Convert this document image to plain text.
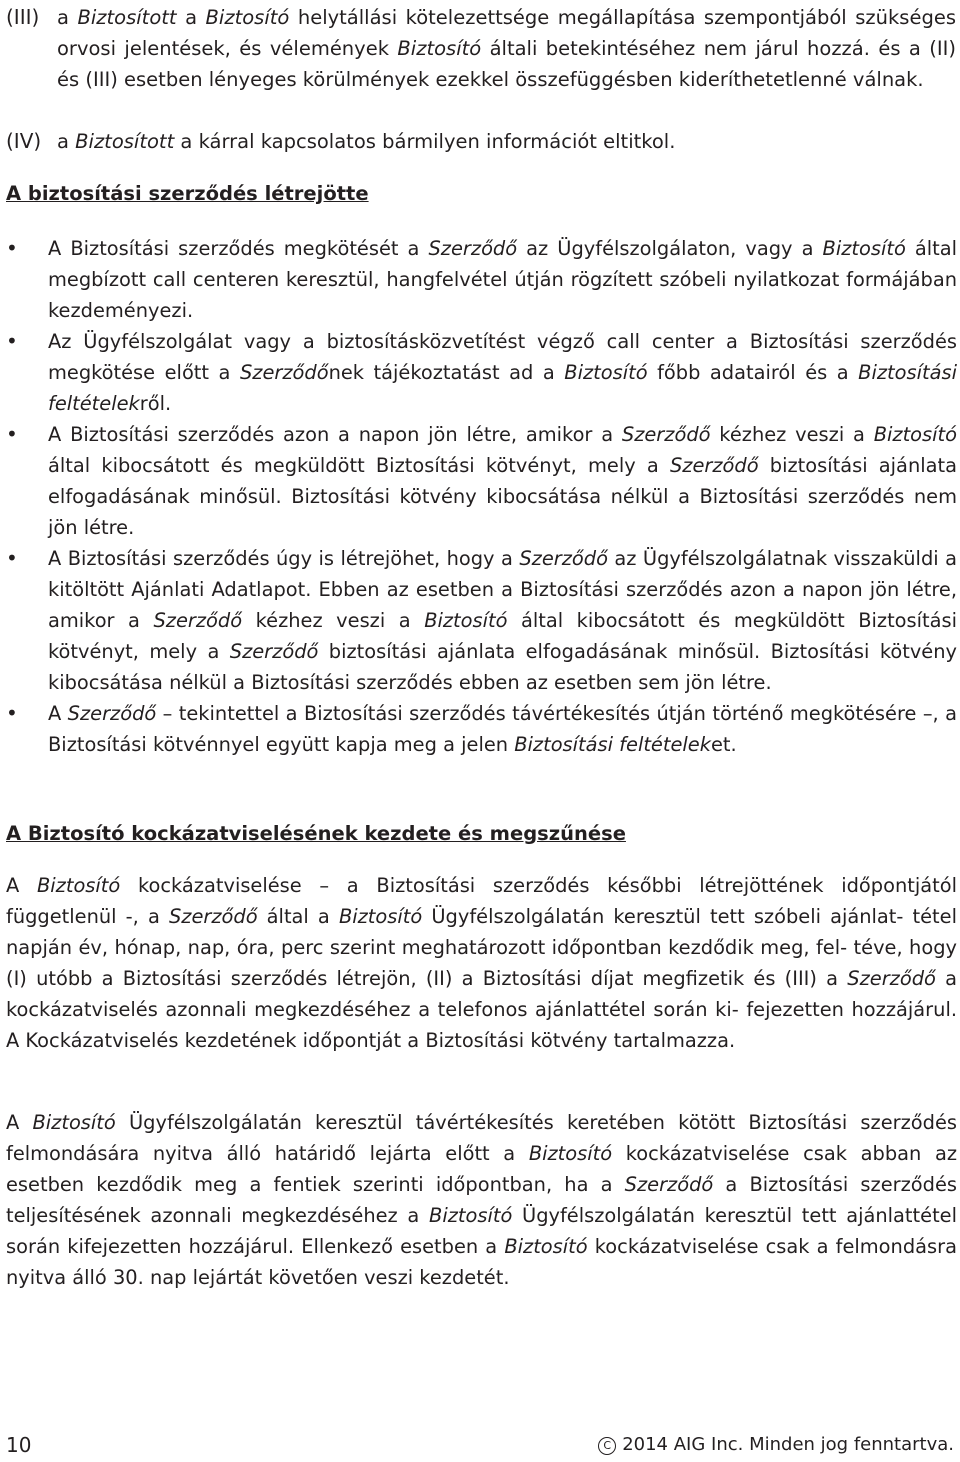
(III) a Biztosított a Biztosító helytállási kötelezettsége megállapítása szempontjából szükséges orvosi jelentések, és vélemények Biztosító általi betekintéséhez nem járul hozzá. és a (II) és (III) esetben lényeges körülmények ezekkel összefüggésben kideríthetetlenné válnak.
(IV) a Biztosított a kárral kapcsolatos bármilyen információt eltitkol.
A biztosítási szerződés létrejötte
• A Biztosítási szerződés megkötését a Szerződő az Ügyfélszolgálaton, vagy a Biztosító által megbízott call centeren keresztül, hangfelvétel útján rögzített szóbeli nyilatkozat formájában kezdeményezi.
• Az Ügyfélszolgálat vagy a biztosításközvetítést végző call center a Biztosítási szerződés megkötése előtt a Szerződőnek tájékoztatást ad a Biztosító főbb adatairól és a Biztosítási feltételekről.
• A Biztosítási szerződés azon a napon jön létre, amikor a Szerződő kézhez veszi a Biztosító által kibocsátott és megküldött Biztosítási kötvényt, mely a Szerződő biztosítási ajánlata elfogadásának minősül. Biztosítási kötvény kibocsátása nélkül a Biztosítási szerződés nem jön létre.
• A Biztosítási szerződés úgy is létrejöhet, hogy a Szerződő az Ügyfélszolgálatnak visszaküldi a kitöltött Ajánlati Adatlapot. Ebben az esetben a Biztosítási szerződés azon a napon jön létre, amikor a Szerződő kézhez veszi a Biztosító által kibocsátott és megküldött Biztosítási kötvényt, mely a Szerződő biztosítási ajánlata elfogadásának minősül. Biztosítási kötvény kibocsátása nélkül a Biztosítási szerződés ebben az esetben sem jön létre.
• A Szerződő – tekintettel a Biztosítási szerződés távértékesítés útján történő megkötésére –, a Biztosítási kötvénnyel együtt kapja meg a jelen Biztosítási feltételeket.
A Biztosító kockázatviselésének kezdete és megszűnése
A Biztosító kockázatviselése – a Biztosítási szerződés későbbi létrejöttének időpontjától függetlenül -, a Szerződő által a Biztosító Ügyfélszolgálatán keresztül tett szóbeli ajánlat- tétel napján év, hónap, nap, óra, perc szerint meghatározott időpontban kezdődik meg, fel- téve, hogy (I) utóbb a Biztosítási szerződés létrejön, (II) a Biztosítási díjat megfizetik és (III) a Szerződő a kockázatviselés azonnali megkezdéséhez a telefonos ajánlattétel során ki- fejezetten hozzájárul. A Kockázatviselés kezdetének időpontját a Biztosítási kötvény tartalmazza.
A Biztosító Ügyfélszolgálatán keresztül távértékesítés keretében kötött Biztosítási szerződés felmondására nyitva álló határidő lejárta előtt a Biztosító kockázatviselése csak abban az esetben kezdődik meg a fentiek szerinti időpontban, ha a Szerződő a Biztosítási szerződés teljesítésének azonnali megkezdéséhez a Biztosító Ügyfélszolgálatán keresztül tett ajánlattétel során kifejezetten hozzájárul. Ellenkező esetben a Biztosító kockázatviselése csak a felmondásra nyitva álló 30. nap lejártát követően veszi kezdetét.
10	C 2014 AIG Inc. Minden jog fenntartva.
